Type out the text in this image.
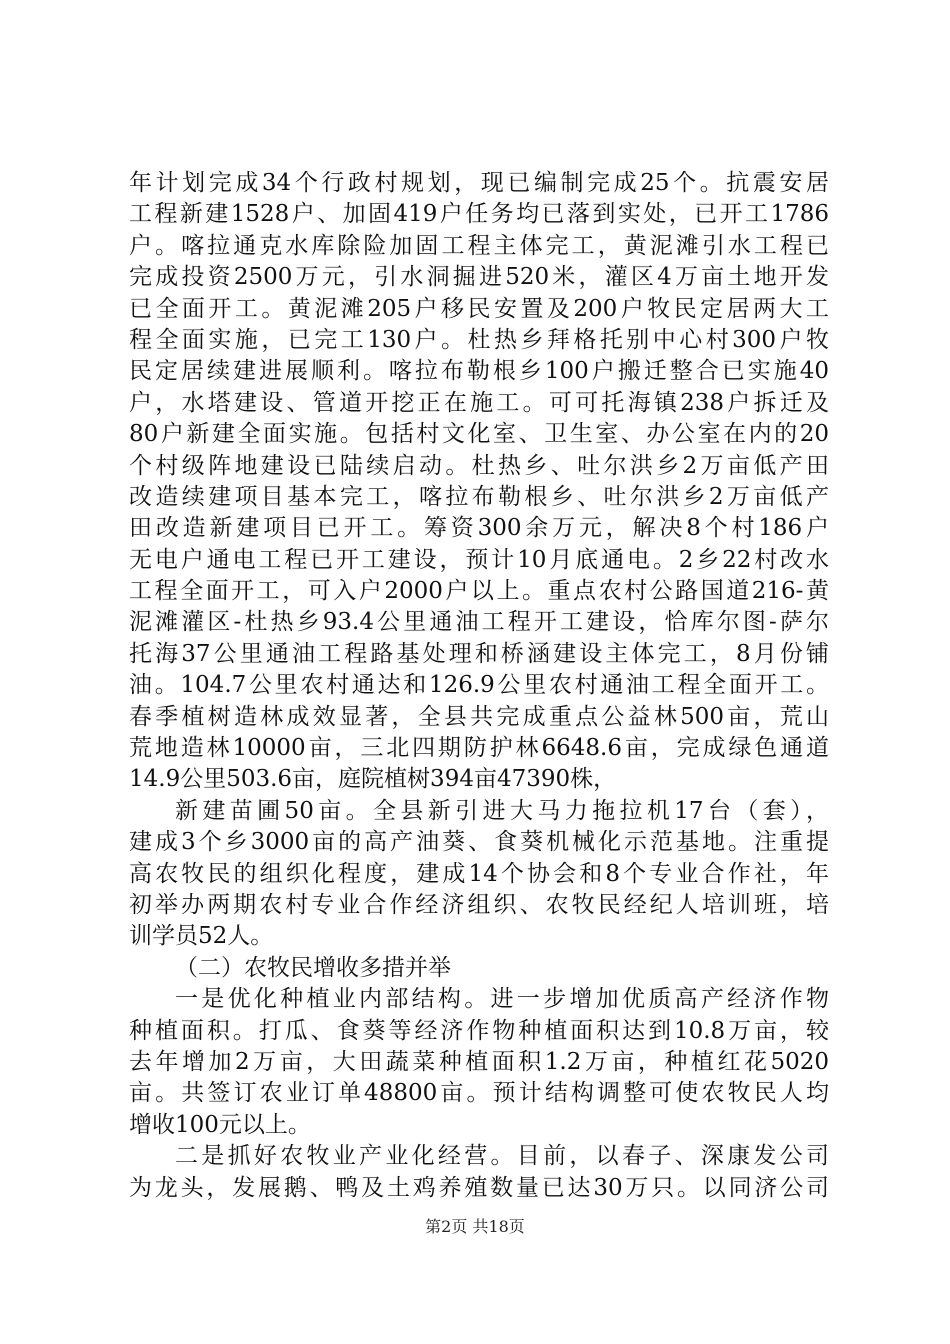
年计划完成34个行政村规划，现已编制完成25个。抗震安居
工程新建1528户、加固419户任务均已落到实处，已开工1786
户。喀拉通克水库除险加固工程主体完工，黄泥滩引水工程已
完成投资2500万元，引水洞掘进520米，灌区4万亩土地开发
已全面开工。黄泥滩205户移民安置及200户牧民定居两大工
程全面实施，已完工130户。杜热乡拜格托别中心村300户牧
民定居续建进展顺利。喀拉布勒根乡100户搬迁整合已实施40
户，水塔建设、管道开挖正在施工。可可托海镇238户拆迁及
80户新建全面实施。包括村文化室、卫生室、办公室在内的20
个村级阵地建设已陆续启动。杜热乡、吐尔洪乡2万亩低产田
改造续建项目基本完工，喀拉布勒根乡、吐尔洪乡2万亩低产
田改造新建项目已开工。筹资300余万元，解决8个村186户
无电户通电工程已开工建设，预计10月底通电。2乡22村改水
工程全面开工，可入户2000户以上。重点农村公路国道216-黄
泥滩灌区-杜热乡93.4公里通油工程开工建设，恰库尔图-萨尔
托海37公里通油工程路基处理和桥涵建设主体完工，8月份铺
油。104.7公里农村通达和126.9公里农村通油工程全面开工。
春季植树造林成效显著，全县共完成重点公益林500亩，荒山
荒地造林10000亩，三北四期防护林6648.6亩，完成绿色通道
14.9公里503.6亩，庭院植树394亩47390株，
新建苗圃50亩。全县新引进大马力拖拉机17台（套），
建成3个乡3000亩的高产油葵、食葵机械化示范基地。注重提
高农牧民的组织化程度，建成14个协会和8个专业合作社，年
初举办两期农村专业合作经济组织、农牧民经纪人培训班，培
训学员52人。
（二）农牧民增收多措并举
一是优化种植业内部结构。进一步增加优质高产经济作物
种植面积。打瓜、食葵等经济作物种植面积达到10.8万亩，较
去年增加2万亩，大田蔬菜种植面积1.2万亩，种植红花5020
亩。共签订农业订单48800亩。预计结构调整可使农牧民人均
增收100元以上。
二是抓好农牧业产业化经营。目前，以春子、深康发公司
为龙头，发展鹅、鸭及土鸡养殖数量已达30万只。以同济公司
第2页 共18页
